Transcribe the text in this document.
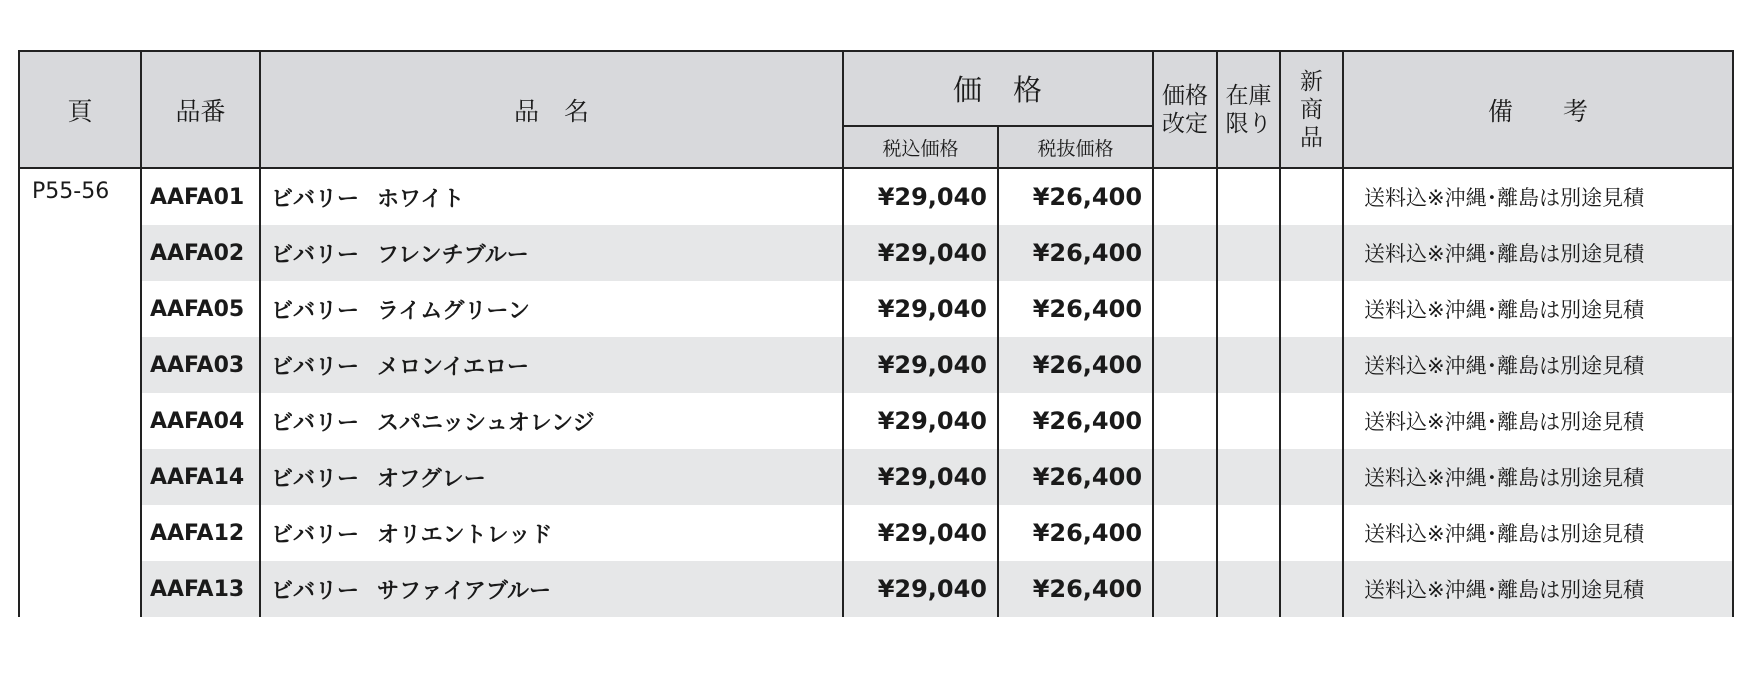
頁	品番	品　名	価　格		価格改定	在庫限り	新商品	備　　考
			税込価格	税抜価格				
P55-56	AAFA01	ビバリー ホワイト	¥29,040	¥26,400				送料込※沖縄･離島は別途見積
	AAFA02	ビバリー フレンチブルー	¥29,040	¥26,400				送料込※沖縄･離島は別途見積
	AAFA05	ビバリー ライムグリーン	¥29,040	¥26,400				送料込※沖縄･離島は別途見積
	AAFA03	ビバリー メロンイエロー	¥29,040	¥26,400				送料込※沖縄･離島は別途見積
	AAFA04	ビバリー スパニッシュオレンジ	¥29,040	¥26,400				送料込※沖縄･離島は別途見積
	AAFA14	ビバリー オフグレー	¥29,040	¥26,400				送料込※沖縄･離島は別途見積
	AAFA12	ビバリー オリエントレッド	¥29,040	¥26,400				送料込※沖縄･離島は別途見積
	AAFA13	ビバリー サファイアブルー	¥29,040	¥26,400				送料込※沖縄･離島は別途見積
